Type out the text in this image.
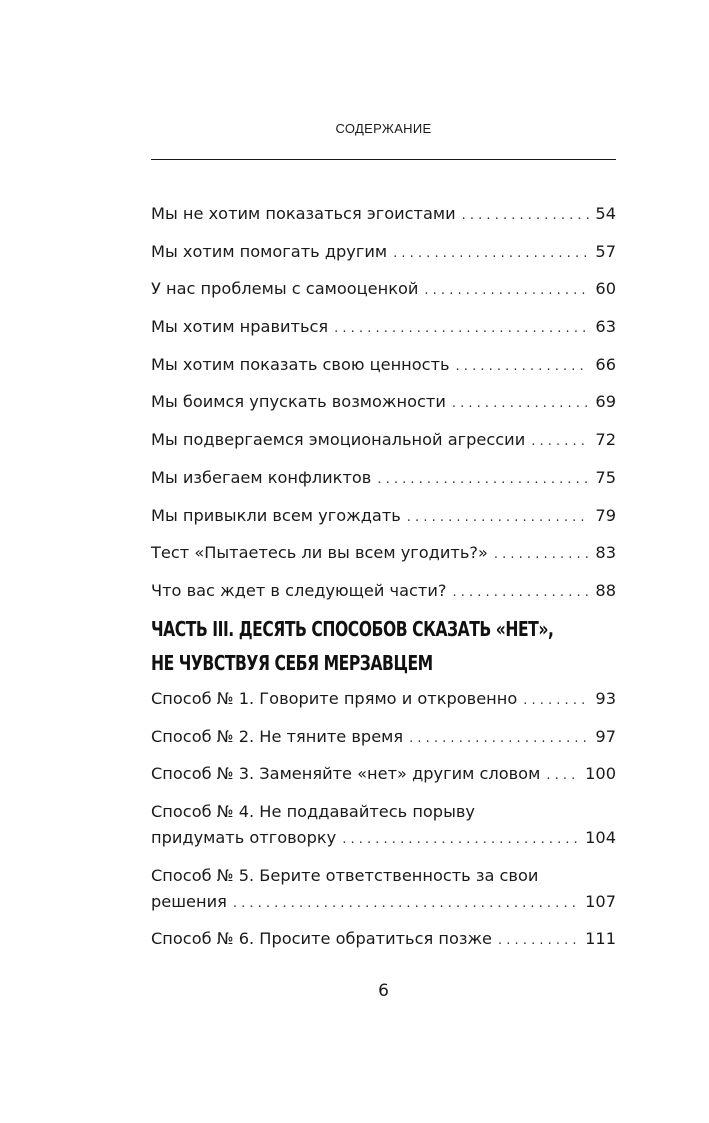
СОДЕРЖАНИЕ
Мы не хотим показаться эгоистами . . .	54
Мы хотим помогать другим . . .	57
У нас проблемы с самооценкой . . .	60
Мы хотим нравиться . . .	63
Мы хотим показать свою ценность . . .	66
Мы боимся упускать возможности . . .	69
Мы подвергаемся эмоциональной агрессии . . .	72
Мы избегаем конфликтов . . .	75
Мы привыкли всем угождать . . .	79
Тест «Пытаетесь ли вы всем угодить?» . . .	83
Что вас ждет в следующей части? . . .	88
ЧАСТЬ III. ДЕСЯТЬ СПОСОБОВ СКАЗАТЬ «НЕТ»,
НЕ ЧУВСТВУЯ СЕБЯ МЕРЗАВЦЕМ
Способ № 1. Говорите прямо и откровенно . . .	93
Способ № 2. Не тяните время . . .	97
Способ № 3. Заменяйте «нет» другим словом . . .	100
Способ № 4. Не поддавайтесь порыву
придумать отговорку . . .	104
Способ № 5. Берите ответственность за свои
решения . . .	107
Способ № 6. Просите обратиться позже . . .	111
6
